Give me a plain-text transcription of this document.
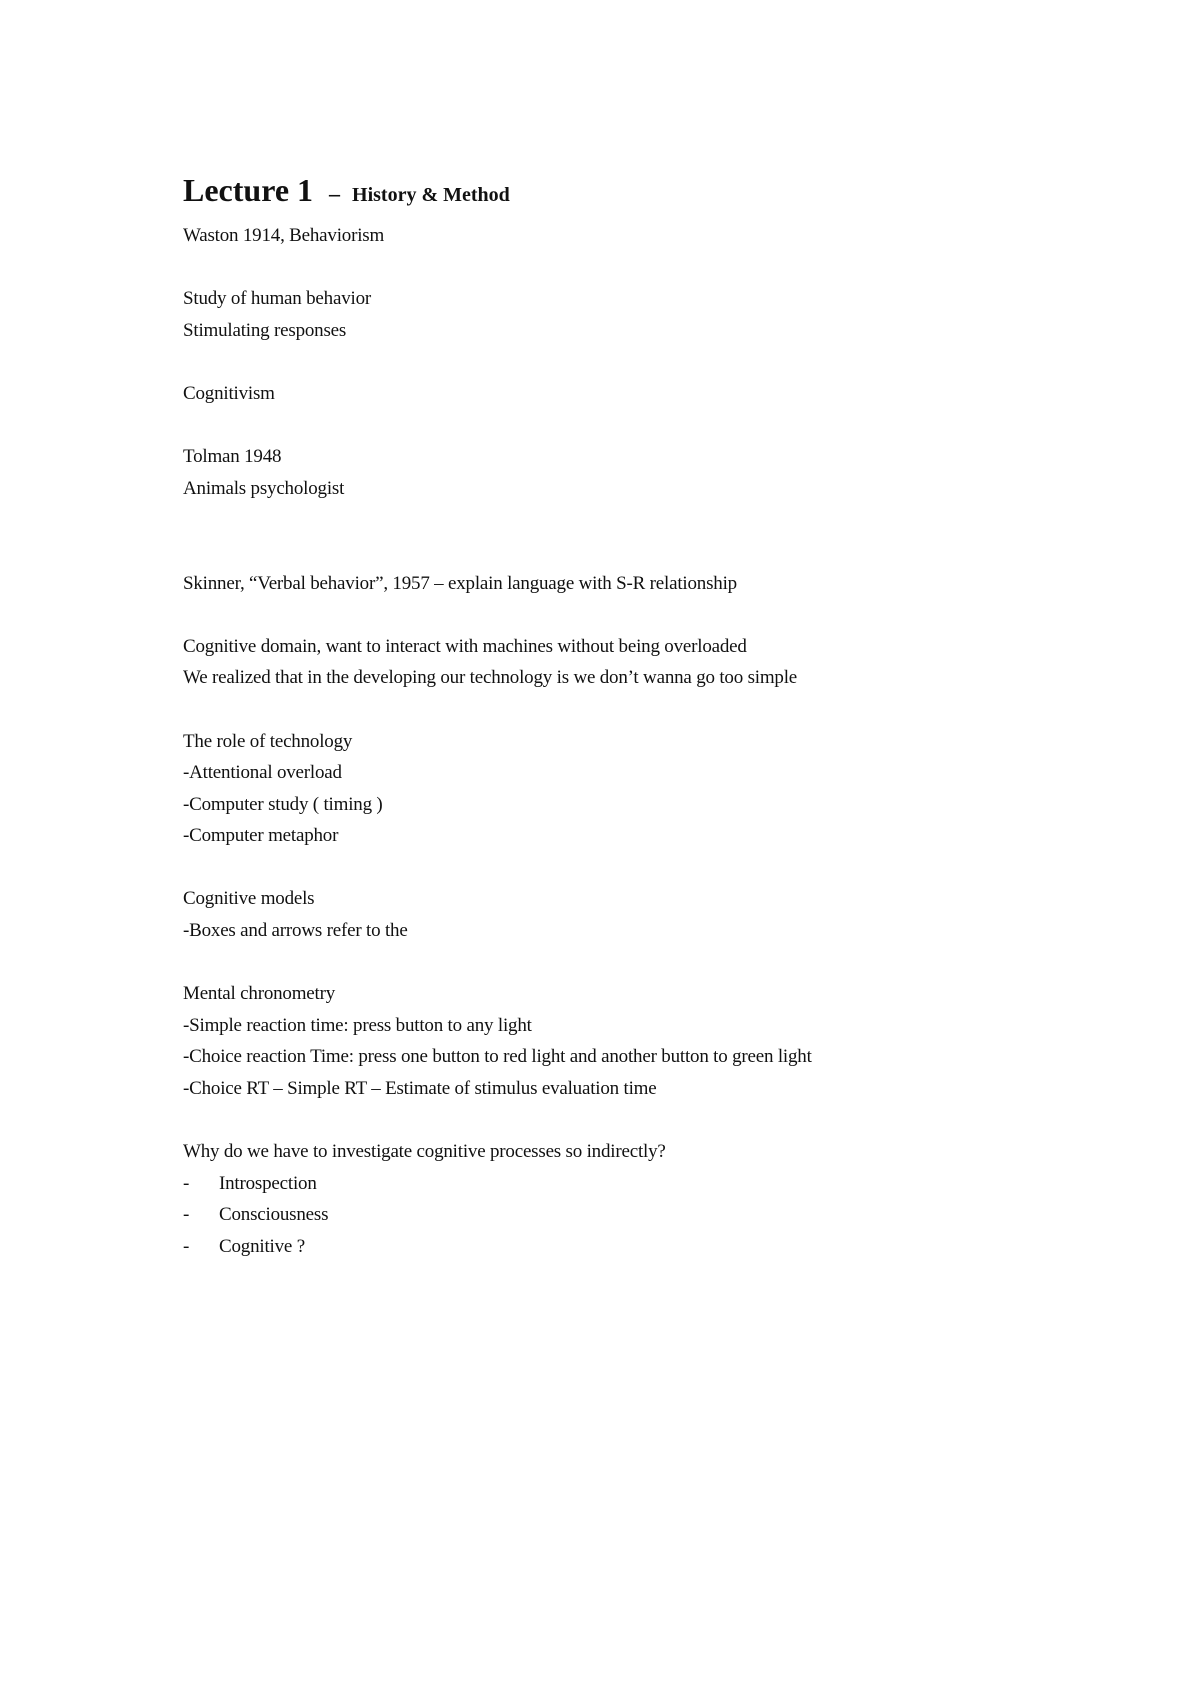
Lecture 1 – History & Method
Waston 1914, Behaviorism
Study of human behavior
Stimulating responses
Cognitivism
Tolman 1948
Animals psychologist
Skinner, “Verbal behavior”, 1957 – explain language with S-R relationship
Cognitive domain, want to interact with machines without being overloaded
We realized that in the developing our technology is we don’t wanna go too simple
The role of technology
-Attentional overload
-Computer study ( timing )
-Computer metaphor
Cognitive models
-Boxes and arrows refer to the
Mental chronometry
-Simple reaction time: press button to any light
-Choice reaction Time: press one button to red light and another button to green light
-Choice RT – Simple RT – Estimate of stimulus evaluation time
Why do we have to investigate cognitive processes so indirectly?
- Introspection
- Consciousness
- Cognitive ?
